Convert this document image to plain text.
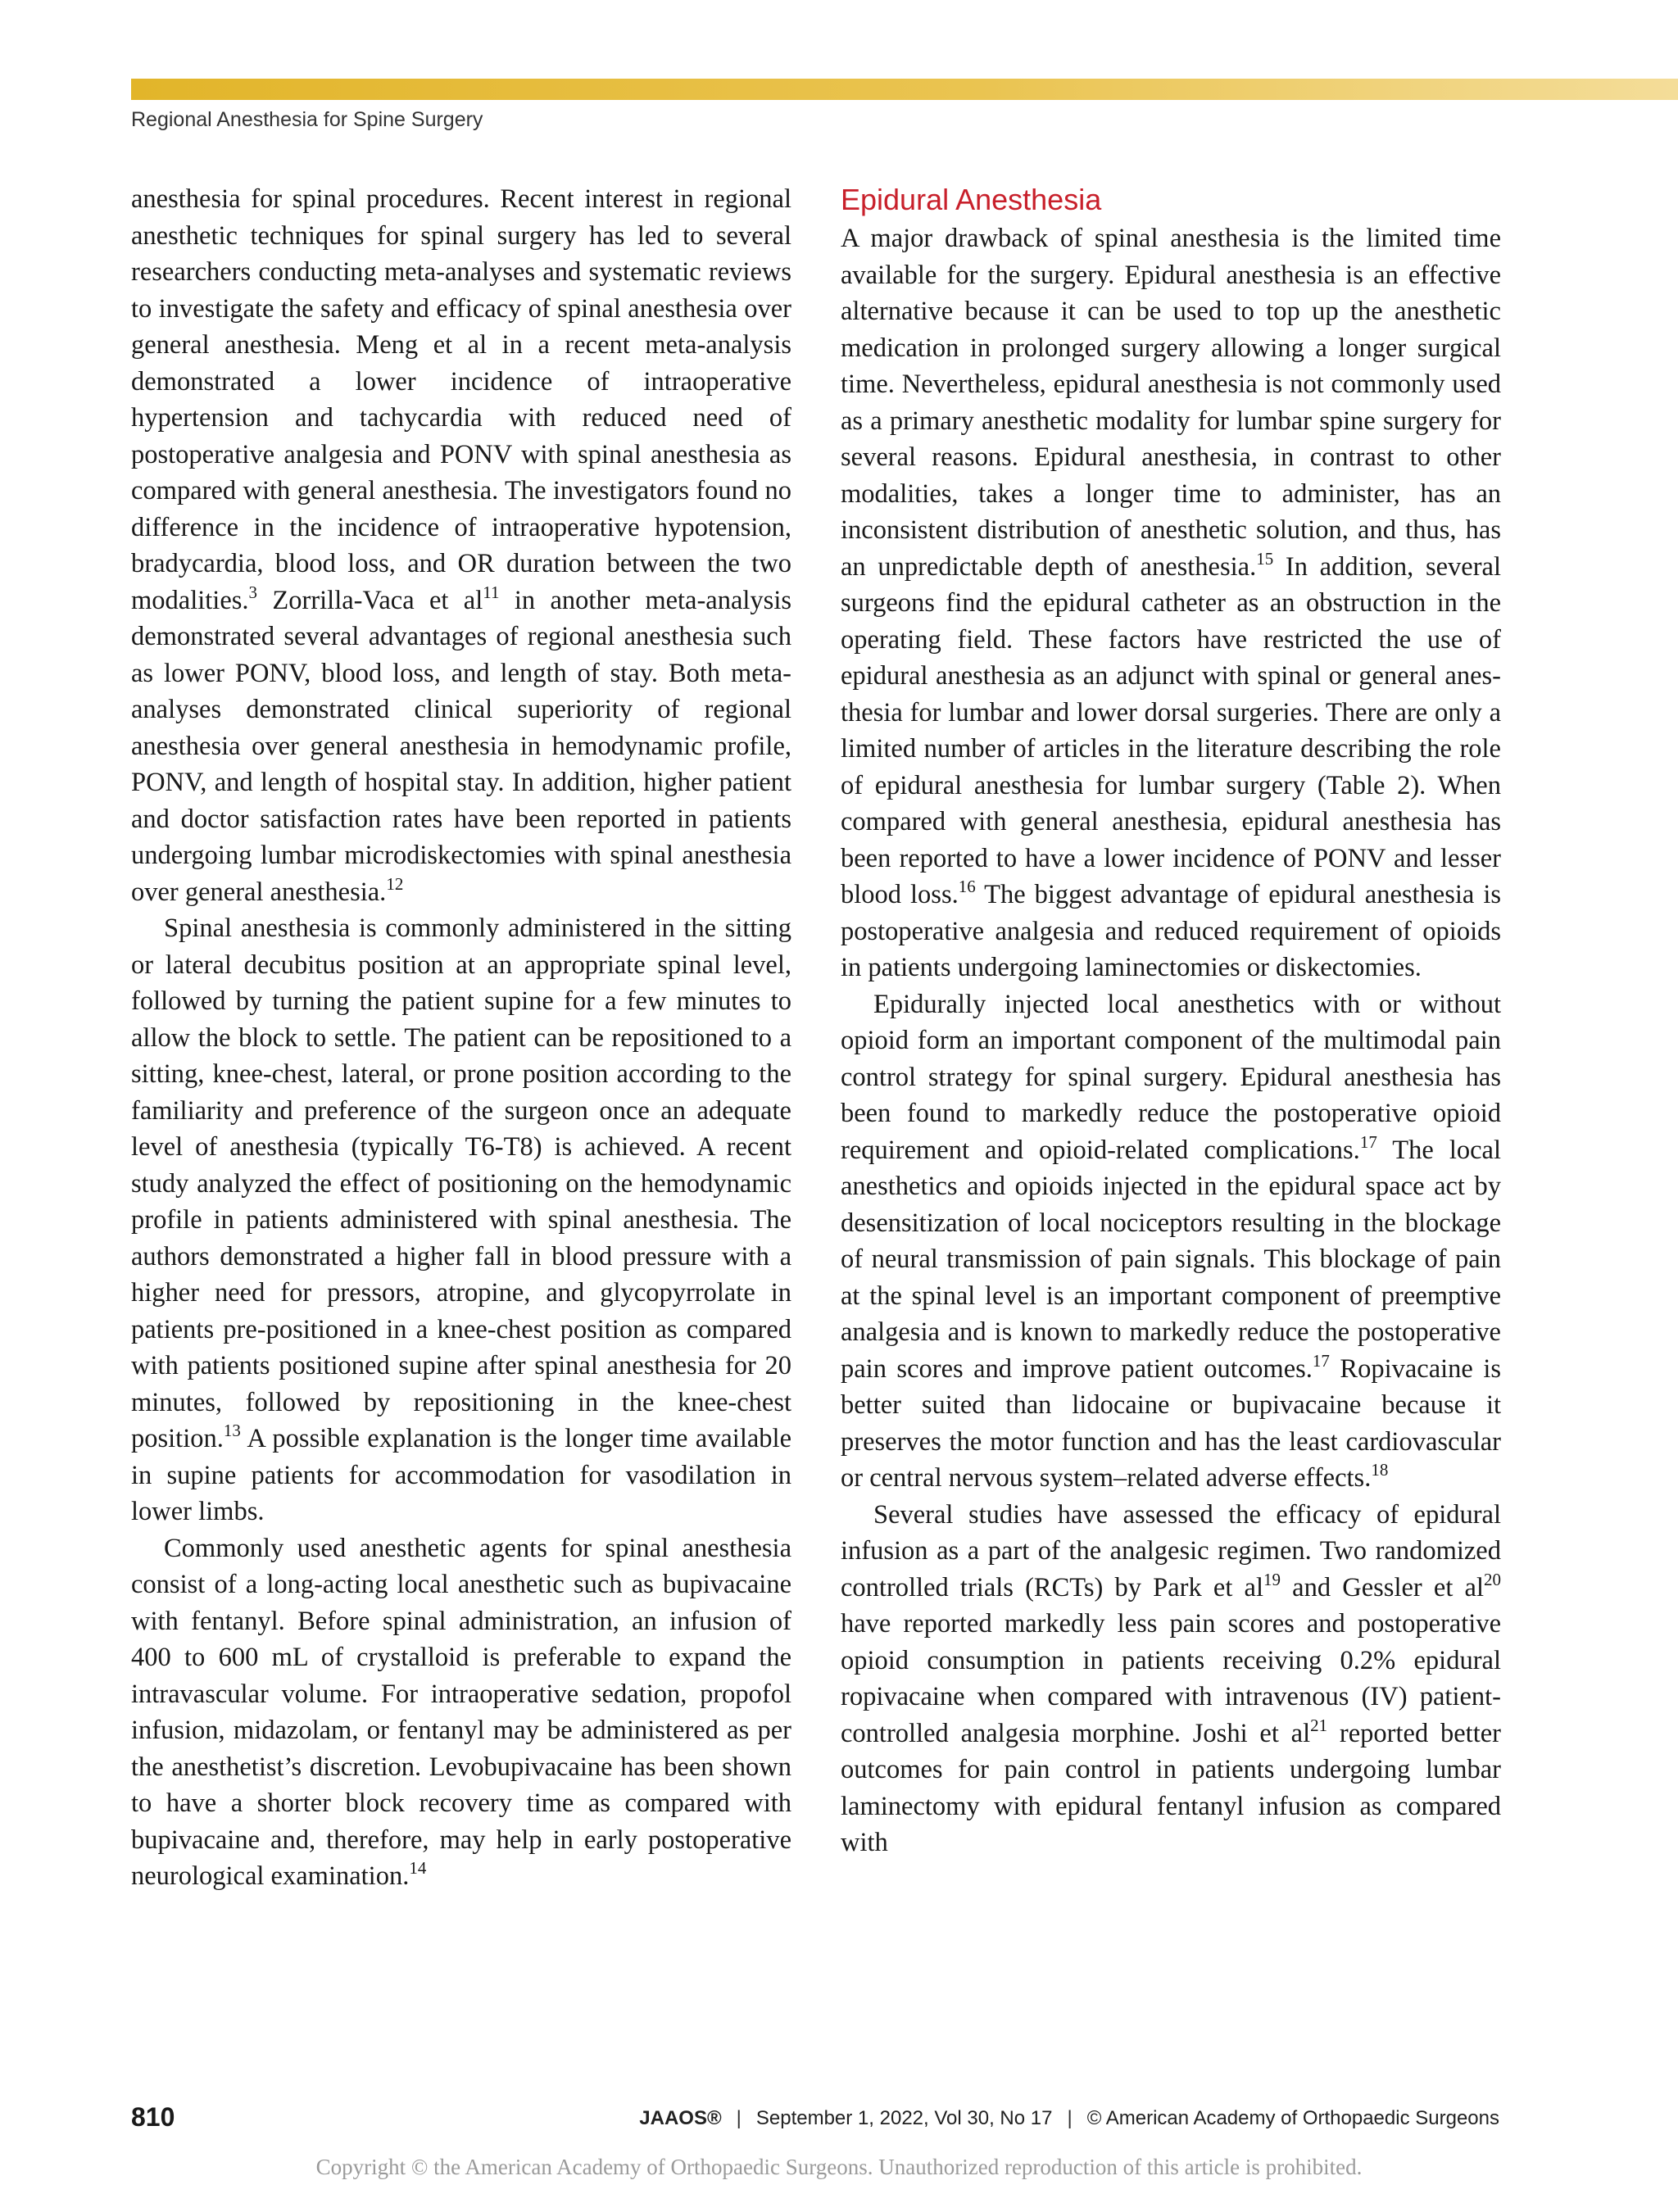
Regional Anesthesia for Spine Surgery

anesthesia for spinal procedures. Recent interest in regional anesthetic techniques for spinal surgery has led to several researchers conducting meta-analyses and systematic reviews to investigate the safety and efficacy of spinal anesthesia over general anesthesia. Meng et al in a recent meta-analysis demonstrated a lower incidence of intraoperative hypertension and tachycardia with reduced need of postoperative analgesia and PONV with spinal anesthesia as compared with general anesthesia. The investigators found no difference in the incidence of intraoperative hypotension, bradycardia, blood loss, and OR duration between the two modalities.$^3$ Zorrilla-Vaca et $al^{11}$ in another meta-analysis demonstrated several advantages of regional anesthesia such as lower PONV, blood loss, and length of stay. Both meta-analyses demonstrated clinical superiority of regional anesthesia over general anesthesia in hemodynamic profile, PONV, and length of hospital stay. In addition, higher patient and doctor satisfaction rates have been reported in patients undergoing lumbar microdiskectomies with spinal anesthesia over general anesthesia.$^{12}$

Spinal anesthesia is commonly administered in the sitting or lateral decubitus position at an appropriate spinal level, followed by turning the patient supine for a few minutes to allow the block to settle. The patient can be repositioned to a sitting, knee-chest, lateral, or prone position according to the familiarity and preference of the surgeon once an adequate level of anesthesia (typically T6-T8) is achieved. A recent study analyzed the effect of positioning on the hemodynamic profile in patients administered with spinal anesthesia. The authors demonstrated a higher fall in blood pressure with a higher need for pressors, atropine, and glycopyrrolate in patients pre-positioned in a knee-chest position as compared with patients positioned supine after spinal anesthesia for 20 minutes, followed by repositioning in the knee-chest position.$^{13}$ A possible explanation is the longer time available in supine patients for accommodation for vasodilation in lower limbs.

Commonly used anesthetic agents for spinal anesthesia consist of a long-acting local anesthetic such as bupivacaine with fentanyl. Before spinal administration, an infusion of 400 to 600 mL of crystalloid is preferable to expand the intravascular volume. For intraoperative sedation, propofol infusion, midazolam, or fentanyl may be administered as per the anesthetist’s discretion. Levobupivacaine has been shown to have a shorter block recovery time as compared with bupivacaine and, therefore, may help in early postoperative neurological examination.$^{14}$

Epidural Anesthesia

A major drawback of spinal anesthesia is the limited time available for the surgery. Epidural anesthesia is an effective alternative because it can be used to top up the anesthetic medication in prolonged surgery allowing a longer surgical time. Nevertheless, epidural anesthesia is not commonly used as a primary anesthetic modality for lumbar spine surgery for several reasons. Epidural anesthesia, in contrast to other modalities, takes a longer time to administer, has an inconsistent distribution of anesthetic solution, and thus, has an unpredictable depth of anesthesia.$^{15}$ In addition, several surgeons find the epidural catheter as an obstruction in the operating field. These factors have restricted the use of epidural anesthesia as an adjunct with spinal or general anesthesia for lumbar and lower dorsal surgeries. There are only a limited number of articles in the literature describing the role of epidural anesthesia for lumbar surgery (Table 2). When compared with general anesthesia, epidural anesthesia has been reported to have a lower incidence of PONV and lesser blood loss.$^{16}$ The biggest advantage of epidural anesthesia is postoperative analgesia and reduced requirement of opioids in patients undergoing laminectomies or diskectomies.

Epidurally injected local anesthetics with or without opioid form an important component of the multimodal pain control strategy for spinal surgery. Epidural anesthesia has been found to markedly reduce the postoperative opioid requirement and opioid-related complications.$^{17}$ The local anesthetics and opioids injected in the epidural space act by desensitization of local nociceptors resulting in the blockage of neural transmission of pain signals. This blockage of pain at the spinal level is an important component of preemptive analgesia and is known to markedly reduce the postoperative pain scores and improve patient outcomes.$^{17}$ Ropivacaine is better suited than lidocaine or bupivacaine because it preserves the motor function and has the least cardiovascular or central nervous system–related adverse effects.$^{18}$

Several studies have assessed the efficacy of epidural infusion as a part of the analgesic regimen. Two randomized controlled trials (RCTs) by Park et $al^{19}$ and Gessler et $al^{20}$ have reported markedly less pain scores and postoperative opioid consumption in patients receiving 0.2% epidural ropivacaine when compared with intravenous (IV) patient-controlled analgesia morphine. Joshi et $al^{21}$ reported better outcomes for pain control in patients undergoing lumbar laminectomy with epidural fentanyl infusion as compared with

810	JAAOS® | September 1, 2022, Vol 30, No 17 | © American Academy of Orthopaedic Surgeons
Copyright © the American Academy of Orthopaedic Surgeons. Unauthorized reproduction of this article is prohibited.
